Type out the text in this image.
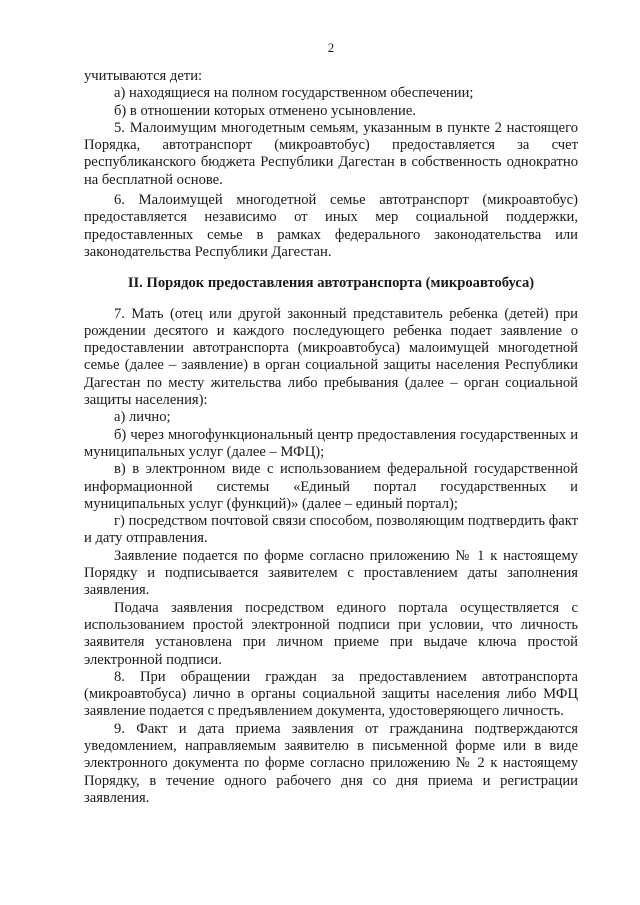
2

учитываются дети:

а) находящиеся на полном государственном обеспечении;

б) в отношении которых отменено усыновление.

5. Малоимущим многодетным семьям, указанным в пункте 2 настоящего Порядка, автотранспорт (микроавтобус) предоставляется за счет республиканского бюджета Республики Дагестан в собственность однократно на бесплатной основе.

6. Малоимущей многодетной семье автотранспорт (микроавтобус) предоставляется независимо от иных мер социальной поддержки, предоставленных семье в рамках федерального законодательства или законодательства Республики Дагестан.

II. Порядок предоставления автотранспорта (микроавтобуса)

7. Мать (отец или другой законный представитель ребенка (детей) при рождении десятого и каждого последующего ребенка подает заявление о предоставлении автотранспорта (микроавтобуса) малоимущей многодетной семье (далее – заявление) в орган социальной защиты населения Республики Дагестан по месту жительства либо пребывания (далее – орган социальной защиты населения):

а) лично;

б) через многофункциональный центр предоставления государственных и муниципальных услуг (далее – МФЦ);

в) в электронном виде с использованием федеральной государственной информационной системы «Единый портал государственных и муниципальных услуг (функций)» (далее – единый портал);

г) посредством почтовой связи способом, позволяющим подтвердить факт и дату отправления.

Заявление подается по форме согласно приложению № 1 к настоящему Порядку и подписывается заявителем с проставлением даты заполнения заявления.

Подача заявления посредством единого портала осуществляется с использованием простой электронной подписи при условии, что личность заявителя установлена при личном приеме при выдаче ключа простой электронной подписи.

8. При обращении граждан за предоставлением автотранспорта (микроавтобуса) лично в органы социальной защиты населения либо МФЦ заявление подается с предъявлением документа, удостоверяющего личность.

9. Факт и дата приема заявления от гражданина подтверждаются уведомлением, направляемым заявителю в письменной форме или в виде электронного документа по форме согласно приложению № 2 к настоящему Порядку, в течение одного рабочего дня со дня приема и регистрации заявления.
